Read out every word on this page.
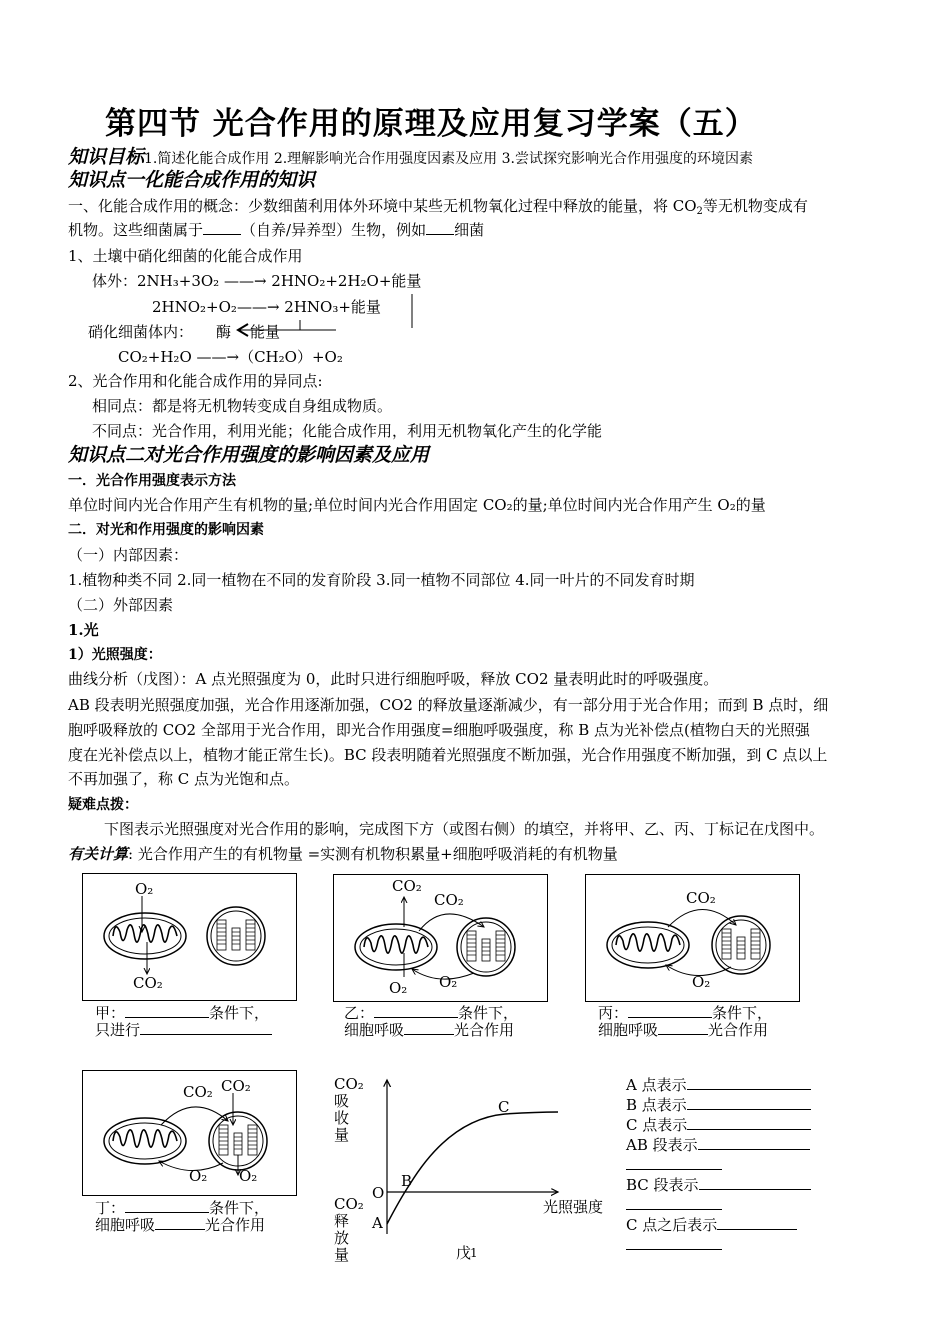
第四节 光合作用的原理及应用复习学案（五）
知识目标1.简述化能合成作用 2.理解影响光合作用强度因素及应用 3.尝试探究影响光合作用强度的环境因素
知识点一化能合成作用的知识
一、化能合成作用的概念：少数细菌利用体外环境中某些无机物氧化过程中释放的能量，将 $CO_2$等无机物变成有
机物。这些细菌属于	（自养/异养型）生物，例如 细菌
1、土壤中硝化细菌的化能合成作用
体外：2NH₃+3O₂ ——→ 2HNO₂+2H₂O+能量
2HNO₂+O₂——→ 2HNO₃+能量
硝化细菌体内： 酶 能量
CO₂+H₂O ——→（CH₂O）+O₂
2、光合作用和化能合成作用的异同点:
相同点：都是将无机物转变成自身组成物质。
不同点：光合作用，利用光能；化能合成作用，利用无机物氧化产生的化学能
知识点二对光合作用强度的影响因素及应用
一．光合作用强度表示方法
单位时间内光合作用产生有机物的量;单位时间内光合作用固定 CO₂的量;单位时间内光合作用产生 O₂的量
二．对光和作用强度的影响因素
（一）内部因素：
1.植物种类不同 2.同一植物在不同的发育阶段 3.同一植物不同部位 4.同一叶片的不同发育时期
（二）外部因素
1.光
1）光照强度：
曲线分析（戊图）：A 点光照强度为 0，此时只进行细胞呼吸，释放 CO2 量表明此时的呼吸强度。
AB 段表明光照强度加强，光合作用逐渐加强，CO2 的释放量逐渐减少，有一部分用于光合作用；而到 B 点时，细
胞呼吸释放的 CO2 全部用于光合作用，即光合作用强度=细胞呼吸强度，称 B 点为光补偿点(植物白天的光照强
度在光补偿点以上，植物才能正常生长)。BC 段表明随着光照强度不断加强，光合作用强度不断加强，到 C 点以上
不再加强了，称 C 点为光饱和点。
疑难点拨：
下图表示光照强度对光合作用的影响，完成图下方（或图右侧）的填空，并将甲、乙、丙、丁标记在戊图中。
有关计算: 光合作用产生的有机物量 =实测有机物积累量+细胞呼吸消耗的有机物量
O₂
CO₂
甲：	条件下，
只进行
CO₂
CO₂
O₂
O₂
乙：	条件下，
细胞呼吸	光合作用
CO₂
O₂
丙：	条件下，
细胞呼吸	光合作用
CO₂ CO₂
O₂ O₂
丁：	条件下，
细胞呼吸	光合作用
CO₂吸收量
CO₂释放量
O
A
B
C
光照强度
戊
1
A 点表示
B 点表示
C 点表示
AB 段表示
BC 段表示
C 点之后表示
